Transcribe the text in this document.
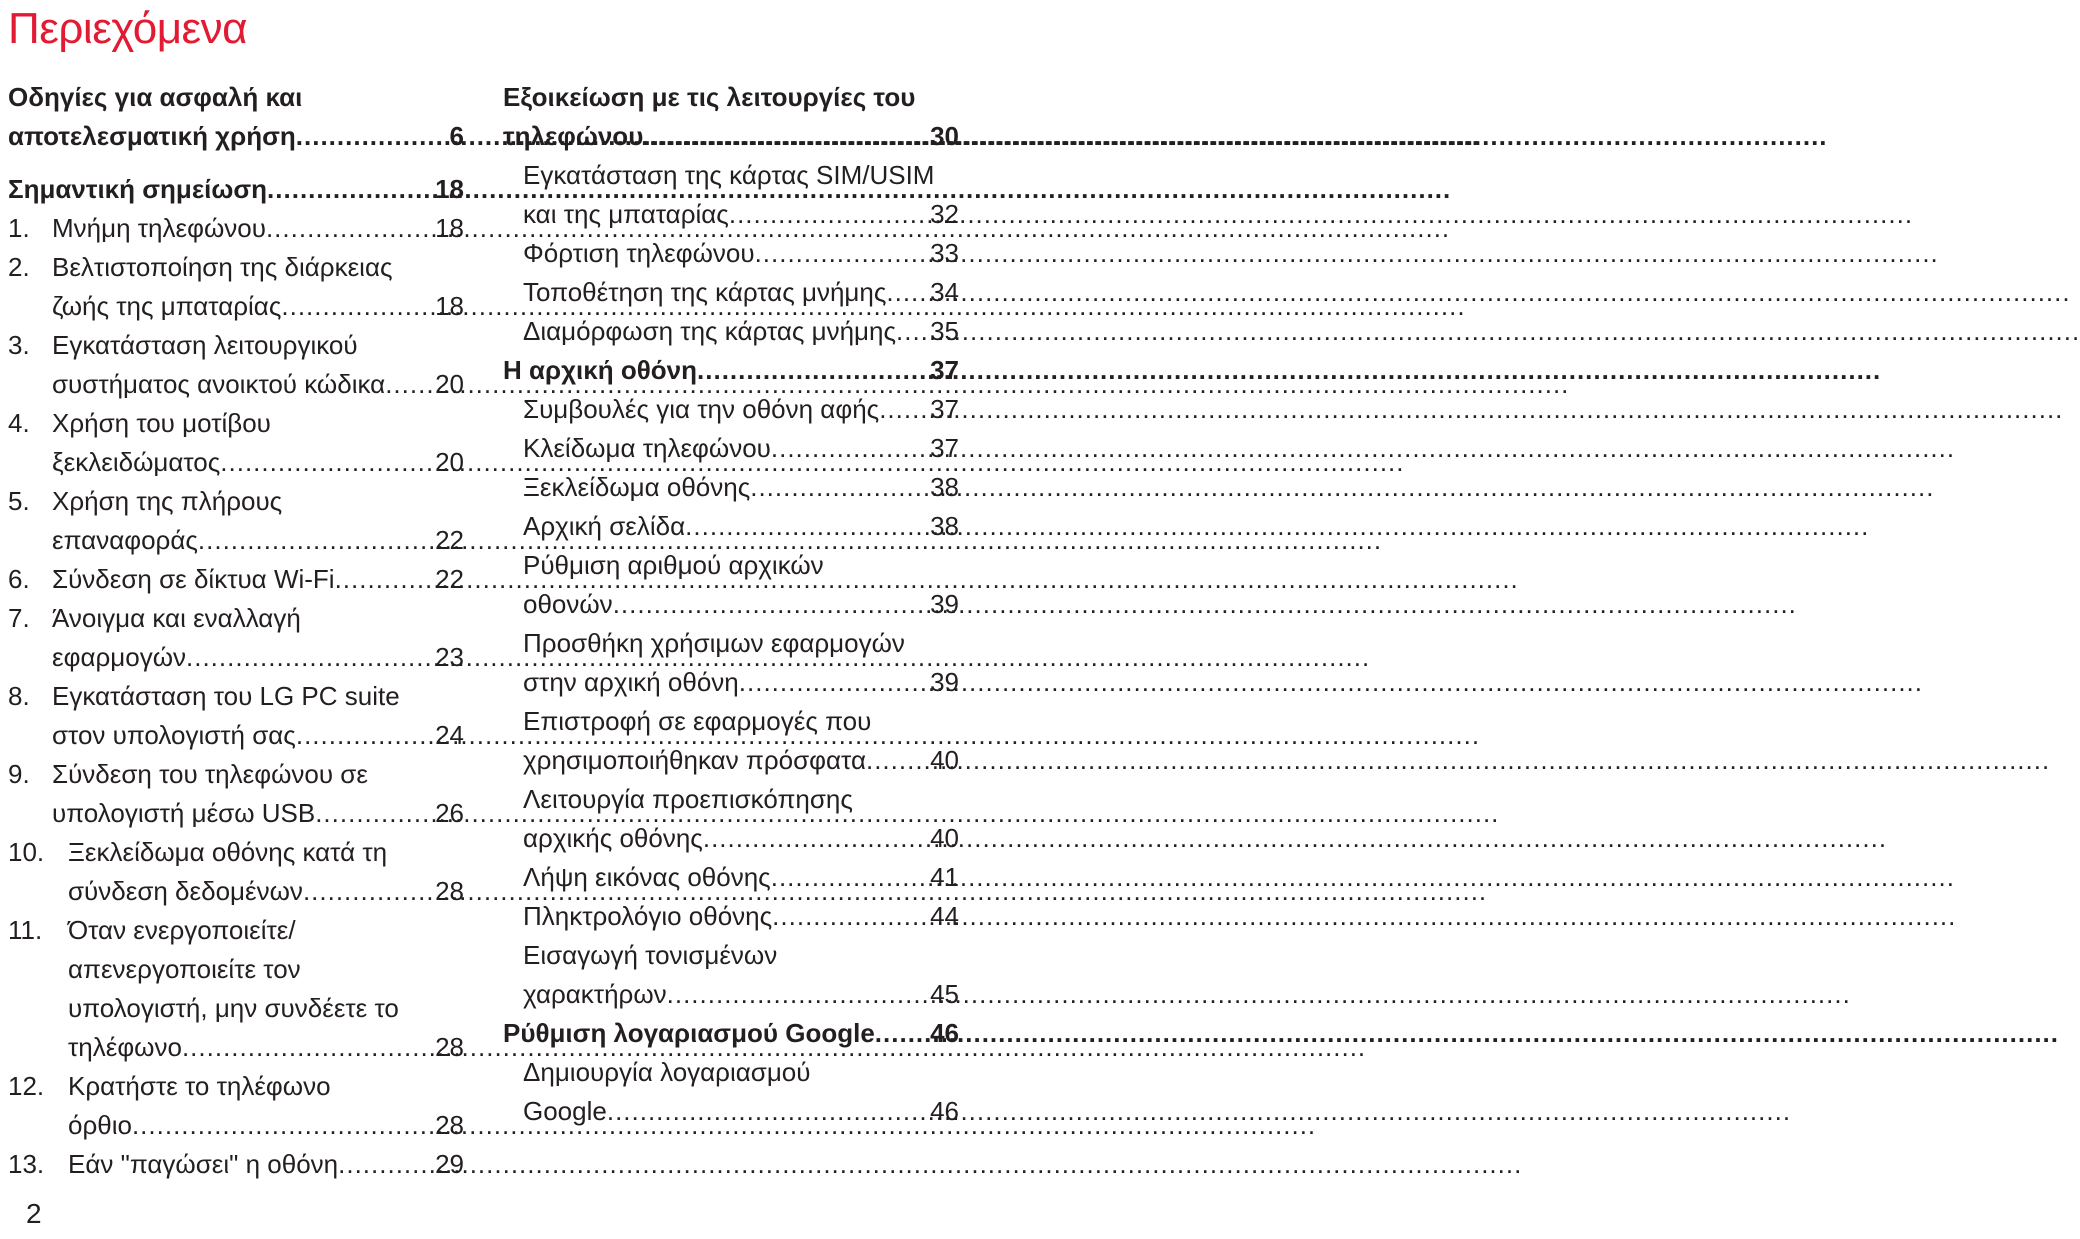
Περιεχόμενα
Οδηγίες για ασφαλή και
αποτελεσματική χρήση .....	6
Σημαντική σημείωση .....	18
1. Μνήμη τηλεφώνου .....	18
2. Βελτιστοποίηση της διάρκειας
ζωής της μπαταρίας .....	18
3. Εγκατάσταση λειτουργικού
συστήματος ανοικτού κώδικα ..... 20
4. Χρήση του μοτίβου
ξεκλειδώματος .....	20
5. Χρήση της πλήρους
επαναφοράς .....	22
6. Σύνδεση σε δίκτυα Wi-Fi .....	22
7. Άνοιγμα και εναλλαγή
εφαρμογών .....	23
8. Εγκατάσταση του LG PC suite
στον υπολογιστή σας .....	24
9. Σύνδεση του τηλεφώνου σε
υπολογιστή μέσω USB .....	26
10. Ξεκλείδωμα οθόνης κατά τη
σύνδεση δεδομένων .....	28
11. Όταν ενεργοποιείτε/
απενεργοποιείτε τον
υπολογιστή, μην συνδέετε το
τηλέφωνο .....	28
12. Κρατήστε το τηλέφωνο
όρθιο .....	28
13. Εάν "παγώσει" η οθόνη .....	29
Εξοικείωση με τις λειτουργίες του
τηλεφώνου .....	30
Εγκατάσταση της κάρτας SIM/USIM
και της μπαταρίας .....	32
Φόρτιση τηλεφώνου .....	33
Τοποθέτηση της κάρτας μνήμης ..... 34
Διαμόρφωση της κάρτας μνήμης ..... 35
Η αρχική οθόνη .....	37
Συμβουλές για την οθόνη αφής ..... 37
Κλείδωμα τηλεφώνου .....	37
Ξεκλείδωμα οθόνης .....	38
Αρχική σελίδα .....	38
Ρύθμιση αριθμού αρχικών
οθονών .....	39
Προσθήκη χρήσιμων εφαρμογών
στην αρχική οθόνη .....	39
Επιστροφή σε εφαρμογές που
χρησιμοποιήθηκαν πρόσφατα ..... 40
Λειτουργία προεπισκόπησης
αρχικής οθόνης .....	40
Λήψη εικόνας οθόνης .....	41
Πληκτρολόγιο οθόνης .....	44
Εισαγωγή τονισμένων
χαρακτήρων .....	45
Ρύθμιση λογαριασμού Google ..... 46
Δημιουργία λογαριασμού
Google .....	46
2
